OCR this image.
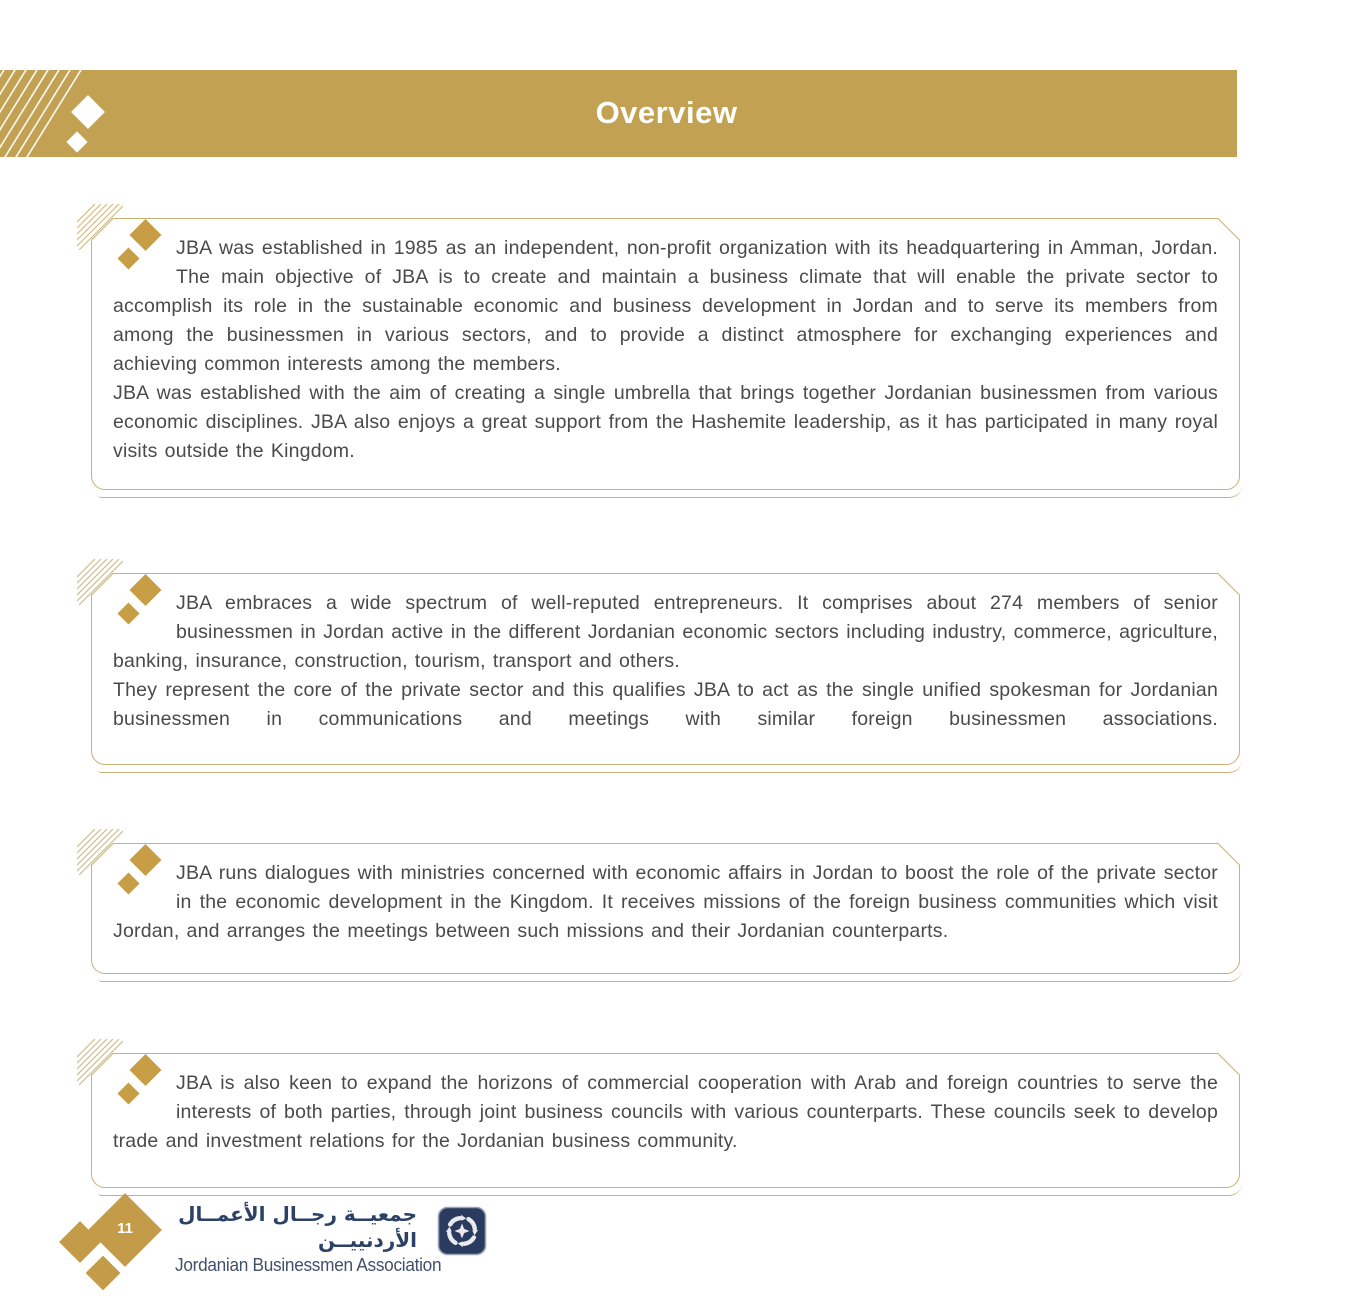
Overview

JBA was established in 1985 as an independent, non-profit organization with its headquartering in Amman, Jordan. The main objective of JBA is to create and maintain a business climate that will enable the private sector to accomplish its role in the sustainable economic and business development in Jordan and to serve its members from among the businessmen in various sectors, and to provide a distinct atmosphere for exchanging experiences and achieving common interests among the members.

JBA was established with the aim of creating a single umbrella that brings together Jordanian businessmen from various economic disciplines. JBA also enjoys a great support from the Hashemite leadership, as it has participated in many royal visits outside the Kingdom.

JBA embraces a wide spectrum of well-reputed entrepreneurs. It comprises about 274 members of senior businessmen in Jordan active in the different Jordanian economic sectors including industry, commerce, agriculture, banking, insurance, construction, tourism, transport and others.

They represent the core of the private sector and this qualifies JBA to act as the single unified spokesman for Jordanian businessmen in communications and meetings with similar foreign businessmen associations.

JBA runs dialogues with ministries concerned with economic affairs in Jordan to boost the role of the private sector in the economic development in the Kingdom. It receives missions of the foreign business communities which visit Jordan, and arranges the meetings between such missions and their Jordanian counterparts.

JBA is also keen to expand the horizons of commercial cooperation with Arab and foreign countries to serve the interests of both parties, through joint business councils with various counterparts. These councils seek to develop trade and investment relations for the Jordanian business community.

11
جمعيــة رجــال الأعمــال الأردنييــن
Jordanian Businessmen Association
